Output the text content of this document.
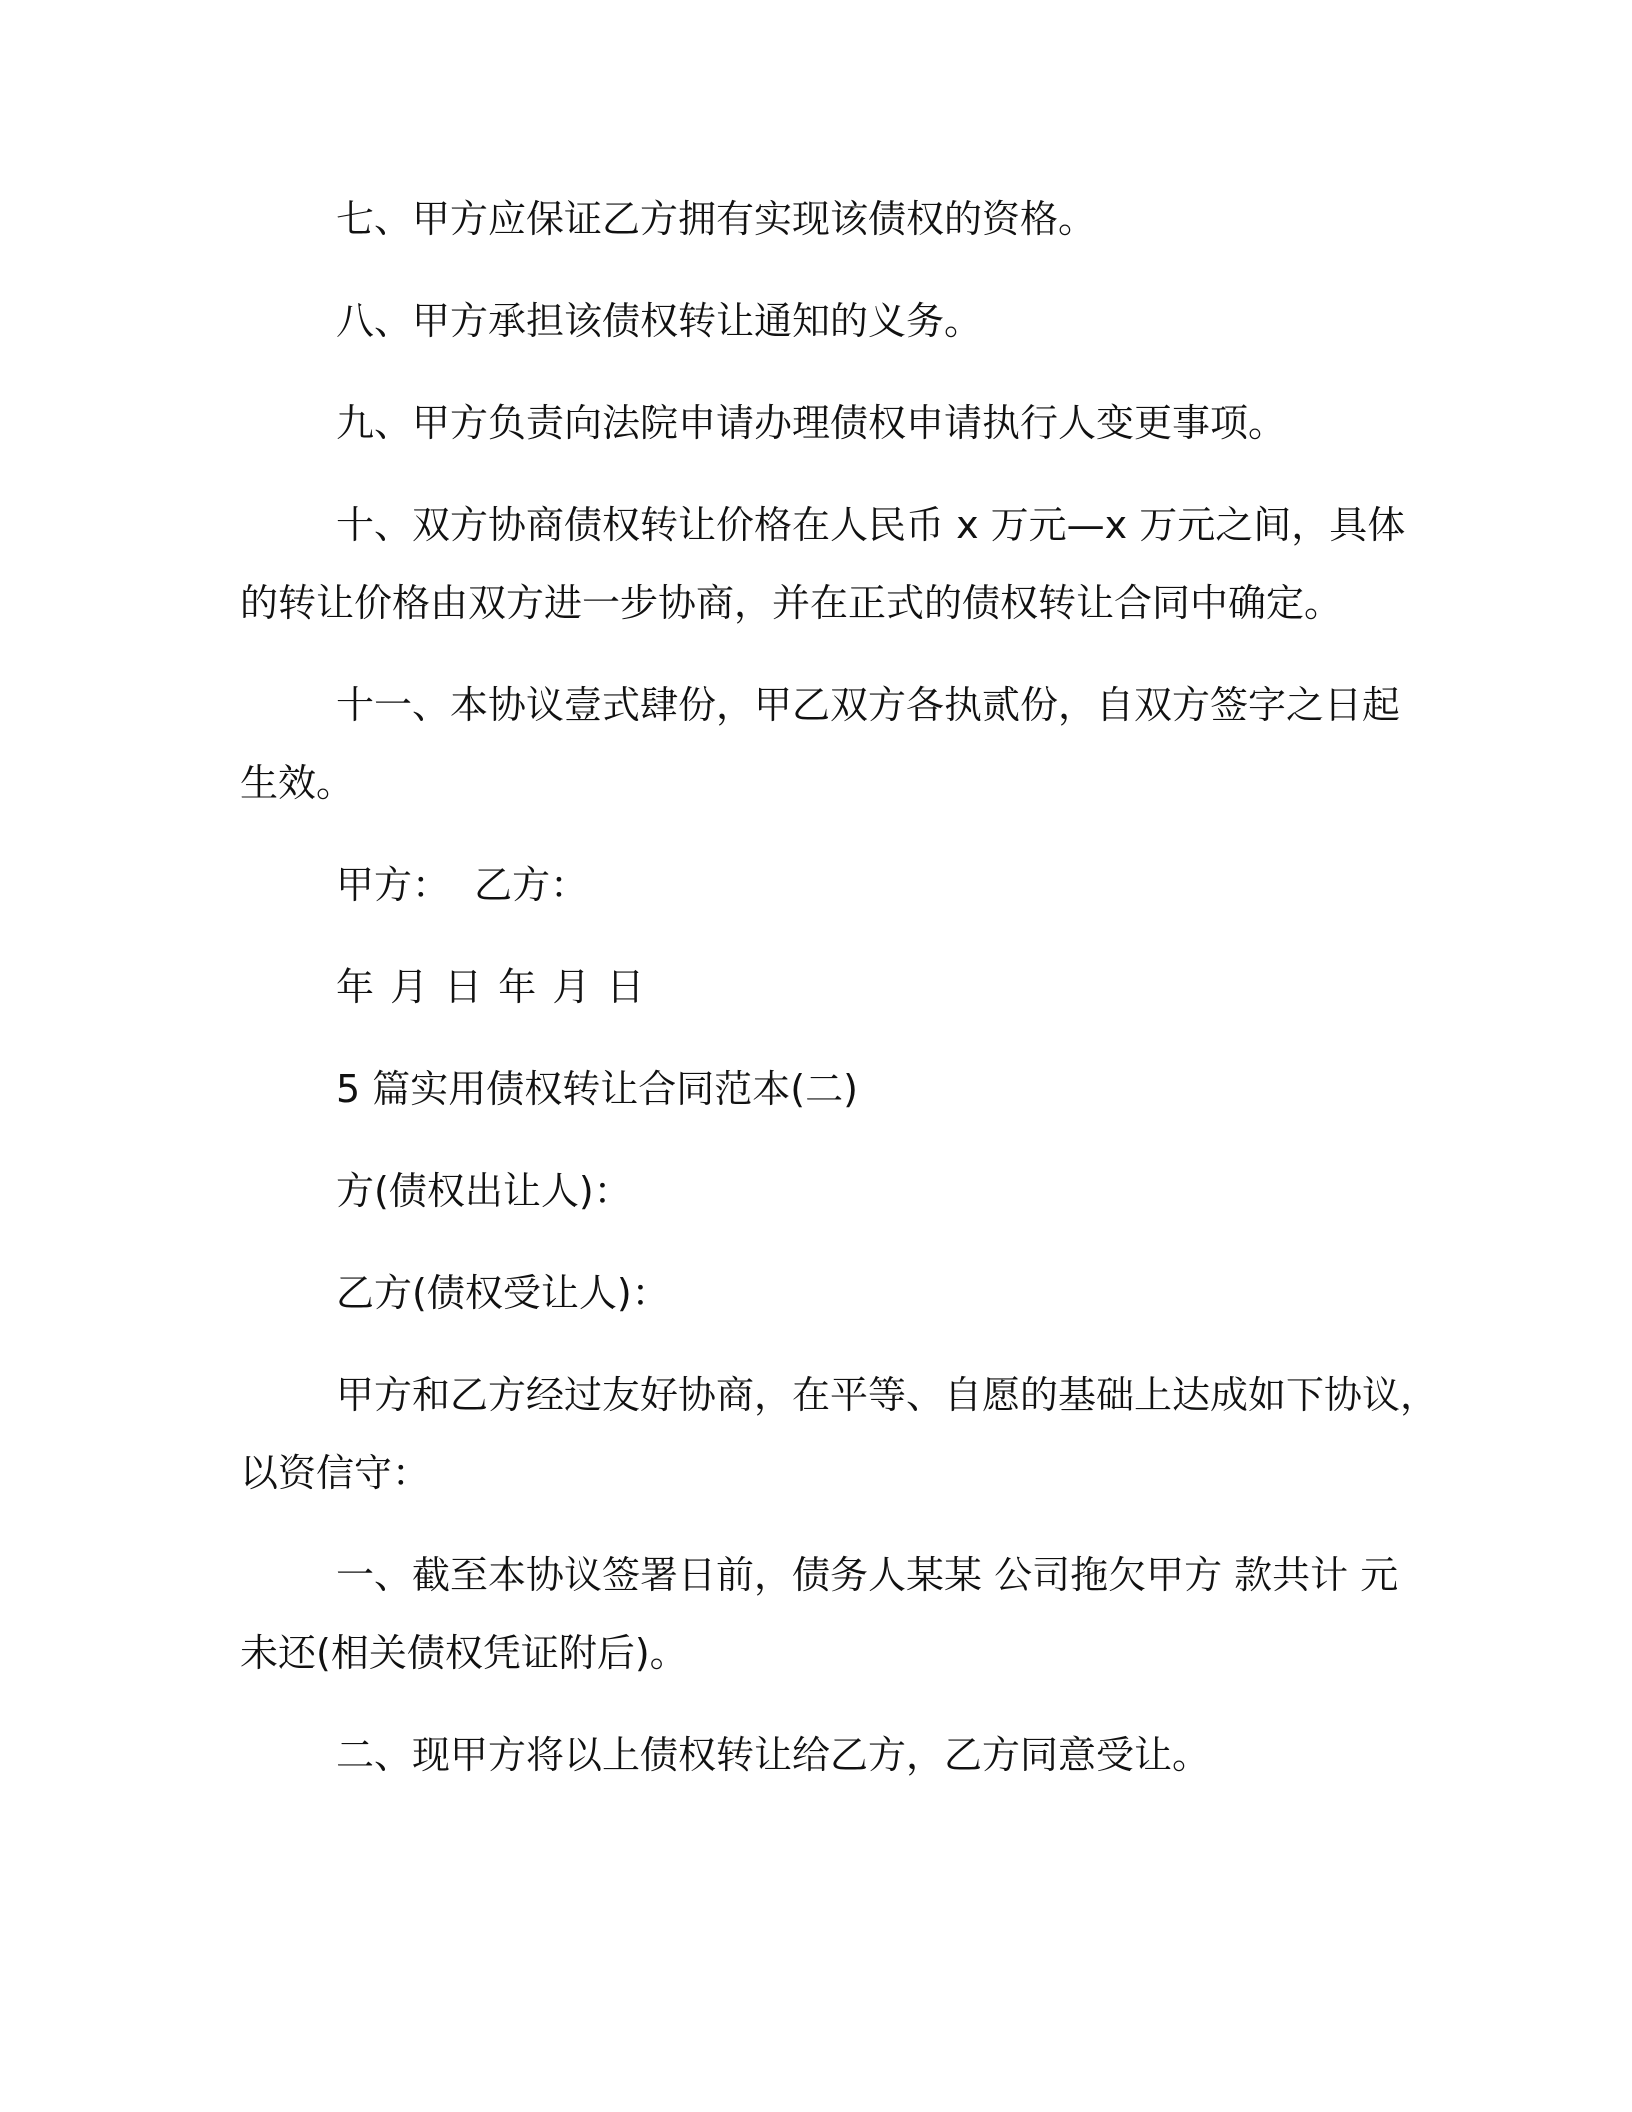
七、甲方应保证乙方拥有实现该债权的资格。

八、甲方承担该债权转让通知的义务。

九、甲方负责向法院申请办理债权申请执行人变更事项。

十、双方协商债权转让价格在人民币 x 万元—x 万元之间，具体
的转让价格由双方进一步协商，并在正式的债权转让合同中确定。

十一、本协议壹式肆份，甲乙双方各执贰份，自双方签字之日起
生效。

甲方：  乙方：

年 月 日 年 月 日

5 篇实用债权转让合同范本(二)

方(债权出让人)：

乙方(债权受让人)：

甲方和乙方经过友好协商，在平等、自愿的基础上达成如下协议，
以资信守：

一、截至本协议签署日前，债务人某某 公司拖欠甲方 款共计 元
未还(相关债权凭证附后)。

二、现甲方将以上债权转让给乙方，乙方同意受让。
